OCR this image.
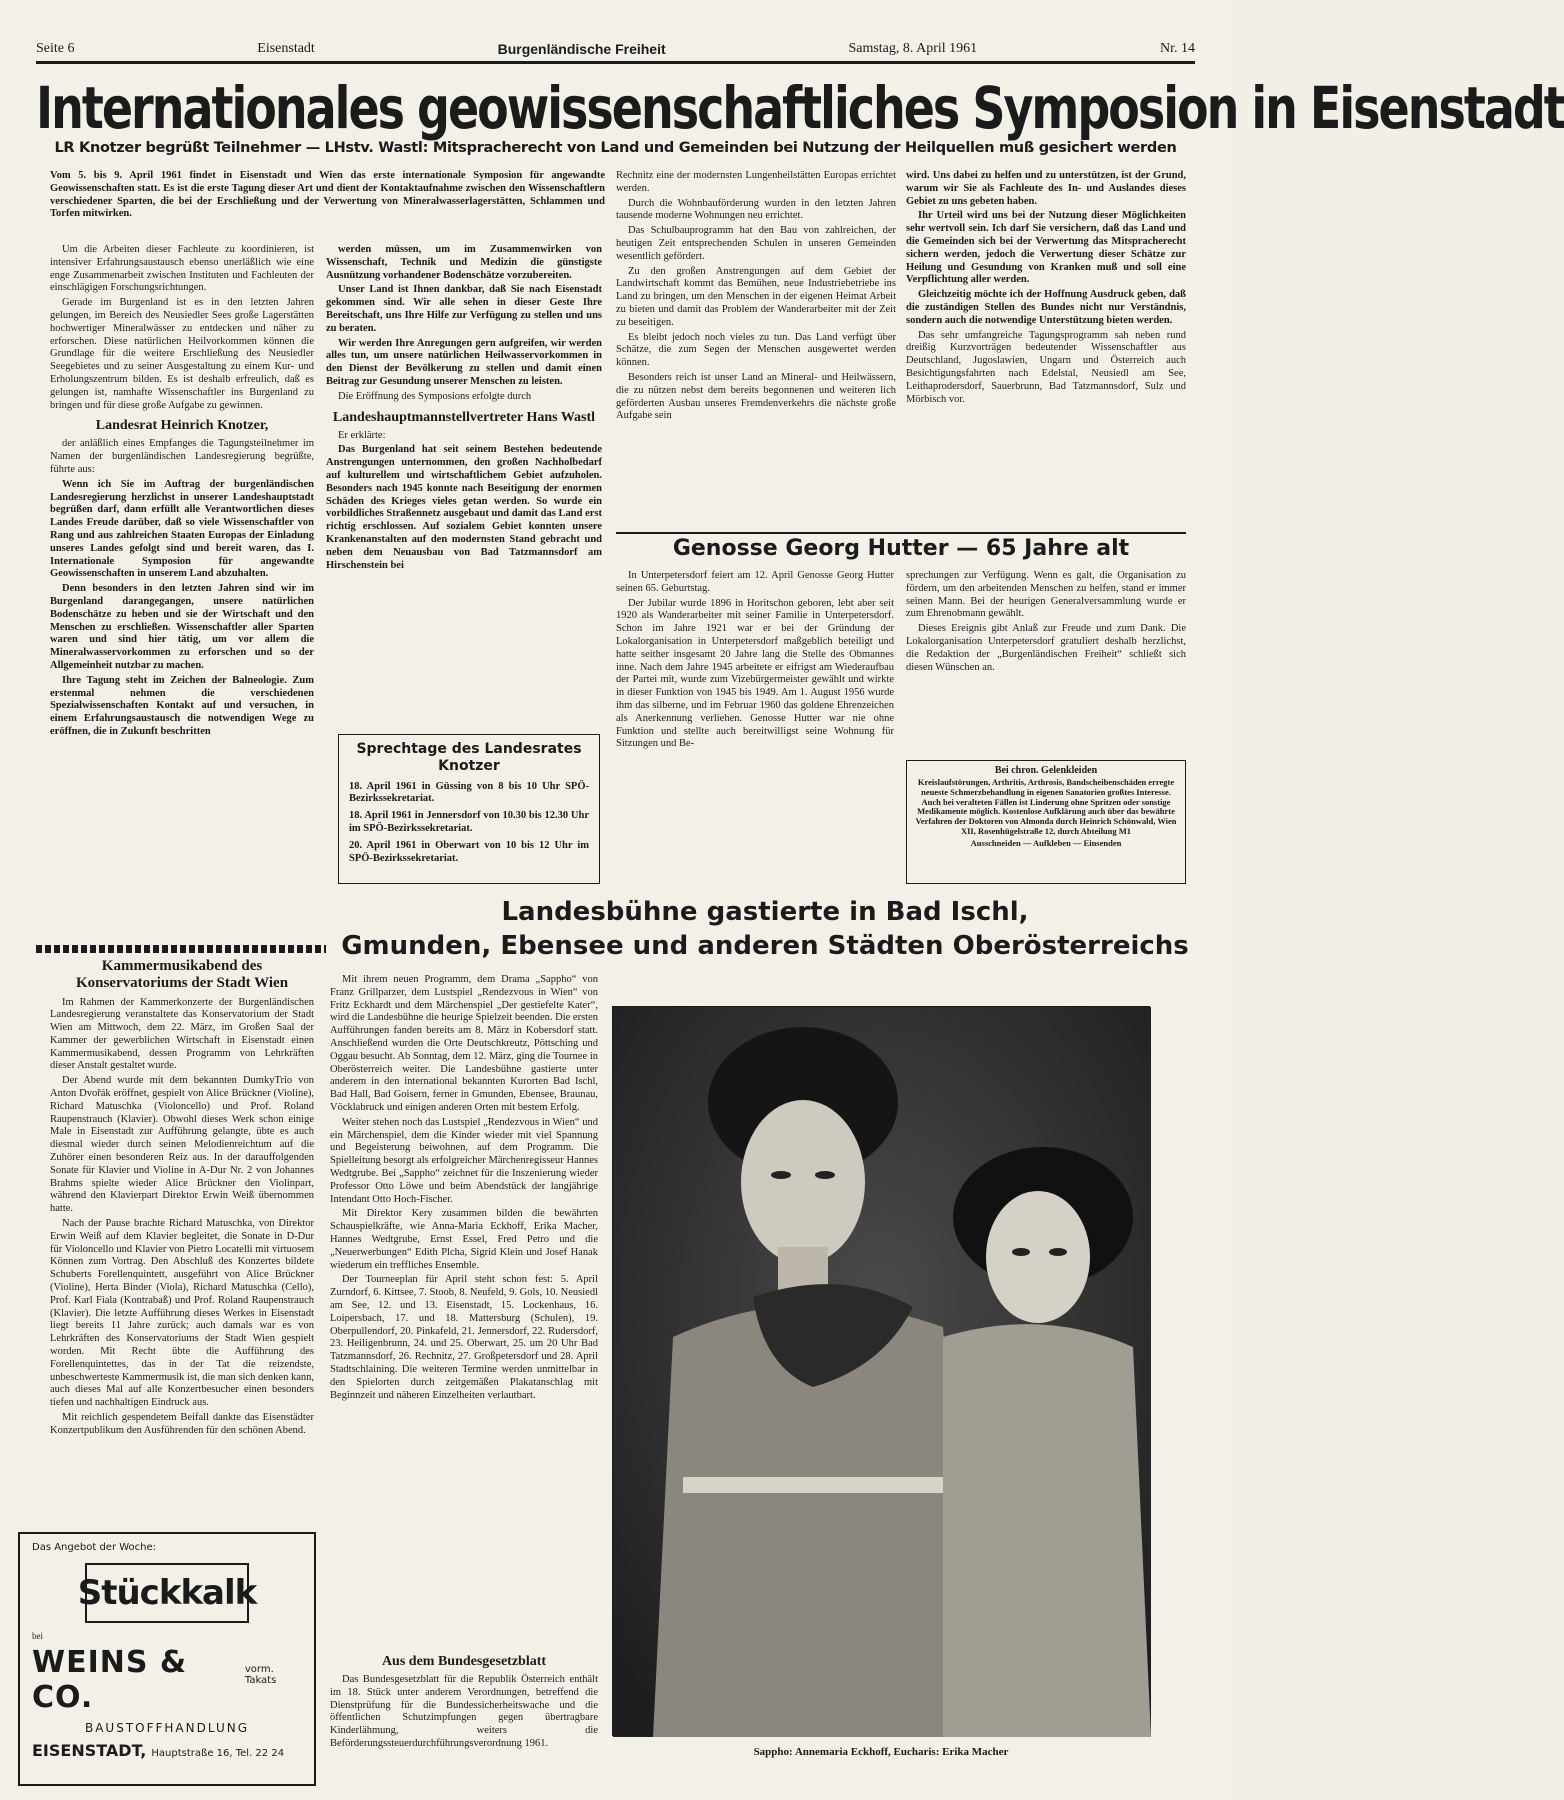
Seite 6	Eisenstadt	Burgenländische Freiheit	Samstag, 8. April 1961	Nr. 14
Internationales geowissenschaftliches Symposion in Eisenstadt
LR Knotzer begrüßt Teilnehmer — LHstv. Wastl: Mitspracherecht von Land und Gemeinden bei Nutzung der Heilquellen muß gesichert werden
Vom 5. bis 9. April 1961 findet in Eisenstadt und Wien das erste internationale Symposion für angewandte Geowissenschaften statt. Es ist die erste Tagung dieser Art und dient der Kontaktaufnahme zwischen den Wissenschaftlern verschiedener Sparten, die bei der Erschließung und der Verwertung von Mineralwasserlagerstätten, Schlammen und Torfen mitwirken.

Um die Arbeiten dieser Fachleute zu koordinieren, ist intensiver Erfahrungsaustausch ebenso unerläßlich wie eine enge Zusammenarbeit zwischen Instituten und Fachleuten der einschlägigen Forschungsrichtungen.

Gerade im Burgenland ist es in den letzten Jahren gelungen, im Bereich des Neusiedler Sees große Lagerstätten hochwertiger Mineralwässer zu entdecken und näher zu erforschen. Diese natürlichen Heilvorkommen können die Grundlage für die weitere Erschließung des Neusiedler Seegebietes und zu seiner Ausgestaltung zu einem Kur- und Erholungszentrum bilden. Es ist deshalb erfreulich, daß es gelungen ist, namhafte Wissenschaftler ins Burgenland zu bringen und für diese große Aufgabe zu gewinnen.

Landesrat Heinrich Knotzer,

der anläßlich eines Empfanges die Tagungsteilnehmer im Namen der burgenländischen Landesregierung begrüßte, führte aus:

Wenn ich Sie im Auftrag der burgenländischen Landesregierung herzlichst in unserer Landeshauptstadt begrüßen darf, dann erfüllt alle Verantwortlichen dieses Landes Freude darüber, daß so viele Wissenschaftler von Rang und aus zahlreichen Staaten Europas der Einladung unseres Landes gefolgt sind und bereit waren, das I. Internationale Symposion für angewandte Geowissenschaften in unserem Land abzuhalten.

Denn besonders in den letzten Jahren sind wir im Burgenland darangegangen, unsere natürlichen Bodenschätze zu heben und sie der Wirtschaft und den Menschen zu erschließen. Wissenschaftler aller Sparten waren und sind hier tätig, um vor allem die Mineralwasservorkommen zu erforschen und so der Allgemeinheit nutzbar zu machen.

Ihre Tagung steht im Zeichen der Balneologie. Zum erstenmal nehmen die verschiedenen Spezialwissenschaften Kontakt auf und versuchen, in einem Erfahrungsaustausch die notwendigen Wege zu eröffnen, die in Zukunft beschritten

werden müssen, um im Zusammenwirken von Wissenschaft, Technik und Medizin die günstigste Ausnützung vorhandener Bodenschätze vorzubereiten.

Unser Land ist Ihnen dankbar, daß Sie nach Eisenstadt gekommen sind. Wir alle sehen in dieser Geste Ihre Bereitschaft, uns Ihre Hilfe zur Verfügung zu stellen und uns zu beraten.

Wir werden Ihre Anregungen gern aufgreifen, wir werden alles tun, um unsere natürlichen Heilwasservorkommen in den Dienst der Bevölkerung zu stellen und damit einen Beitrag zur Gesundung unserer Menschen zu leisten.

Die Eröffnung des Symposions erfolgte durch

Landeshauptmannstellvertreter Hans Wastl

Er erklärte:

Das Burgenland hat seit seinem Bestehen bedeutende Anstrengungen unternommen, den großen Nachholbedarf auf kulturellem und wirtschaftlichem Gebiet aufzuholen. Besonders nach 1945 konnte nach Beseitigung der enormen Schäden des Krieges vieles getan werden. So wurde ein vorbildliches Straßennetz ausgebaut und damit das Land erst richtig erschlossen. Auf sozialem Gebiet konnten unsere Krankenanstalten auf den modernsten Stand gebracht und neben dem Neuausbau von Bad Tatzmannsdorf am Hirschenstein bei

Sprechtage des Landesrates Knotzer

18. April 1961 in Güssing von 8 bis 10 Uhr SPÖ-Bezirkssekretariat.

18. April 1961 in Jennersdorf von 10.30 bis 12.30 Uhr im SPÖ-Bezirkssekretariat.

20. April 1961 in Oberwart von 10 bis 12 Uhr im SPÖ-Bezirkssekretariat.

Rechnitz eine der modernsten Lungenheilstätten Europas errichtet werden.

Durch die Wohnbauförderung wurden in den letzten Jahren tausende moderne Wohnungen neu errichtet.

Das Schulbauprogramm hat den Bau von zahlreichen, der heutigen Zeit entsprechenden Schulen in unseren Gemeinden wesentlich gefördert.

Zu den großen Anstrengungen auf dem Gebiet der Landwirtschaft kommt das Bemühen, neue Industriebetriebe ins Land zu bringen, um den Menschen in der eigenen Heimat Arbeit zu bieten und damit das Problem der Wanderarbeiter mit der Zeit zu beseitigen.

Es bleibt jedoch noch vieles zu tun. Das Land verfügt über Schätze, die zum Segen der Menschen ausgewertet werden können.

Besonders reich ist unser Land an Mineral- und Heilwässern, die zu nützen nebst dem bereits begonnenen und weiteren lich geförderten Ausbau unseres Fremdenverkehrs die nächste große Aufgabe sein

wird. Uns dabei zu helfen und zu unterstützen, ist der Grund, warum wir Sie als Fachleute des In- und Auslandes dieses Gebiet zu uns gebeten haben.

Ihr Urteil wird uns bei der Nutzung dieser Möglichkeiten sehr wertvoll sein. Ich darf Sie versichern, daß das Land und die Gemeinden sich bei der Verwertung das Mitspracherecht sichern werden, jedoch die Verwertung dieser Schätze zur Heilung und Gesundung von Kranken muß und soll eine Verpflichtung aller werden.

Gleichzeitig möchte ich der Hoffnung Ausdruck geben, daß die zuständigen Stellen des Bundes nicht nur Verständnis, sondern auch die notwendige Unterstützung bieten werden.

Das sehr umfangreiche Tagungsprogramm sah neben rund dreißig Kurzvorträgen bedeutender Wissenschaftler aus Deutschland, Jugoslawien, Ungarn und Österreich auch Besichtigungsfahrten nach Edelstal, Neusiedl am See, Leithaprodersdorf, Sauerbrunn, Bad Tatzmannsdorf, Sulz und Mörbisch vor.

Genosse Georg Hutter — 65 Jahre alt

In Unterpetersdorf feiert am 12. April Genosse Georg Hutter seinen 65. Geburtstag.

Der Jubilar wurde 1896 in Horitschon geboren, lebt aber seit 1920 als Wanderarbeiter mit seiner Familie in Unterpetersdorf. Schon im Jahre 1921 war er bei der Gründung der Lokalorganisation in Unterpetersdorf maßgeblich beteiligt und hatte seither insgesamt 20 Jahre lang die Stelle des Obmannes inne. Nach dem Jahre 1945 arbeitete er eifrigst am Wiederaufbau der Partei mit, wurde zum Vizebürgermeister gewählt und wirkte in dieser Funktion von 1945 bis 1949. Am 1. August 1956 wurde ihm das silberne, und im Februar 1960 das goldene Ehrenzeichen als Anerkennung verliehen. Genosse Hutter war nie ohne Funktion und stellte auch bereitwilligst seine Wohnung für Sitzungen und Be-

sprechungen zur Verfügung. Wenn es galt, die Organisation zu fördern, um den arbeitenden Menschen zu helfen, stand er immer seinen Mann. Bei der heurigen Generalversammlung wurde er zum Ehrenobmann gewählt.

Dieses Ereignis gibt Anlaß zur Freude und zum Dank. Die Lokalorganisation Unterpetersdorf gratuliert deshalb herzlichst, die Redaktion der „Burgenländischen Freiheit“ schließt sich diesen Wünschen an.

Bei chron. Gelenkleiden
Kreislaufstörungen, Arthritis, Arthrosis, Bandscheibenschäden erregte neueste Schmerzbehandlung in eigenen Sanatorien großtes Interesse. Auch bei veralteten Fällen ist Linderung ohne Spritzen oder sonstige Medikamente möglich. Kostenlose Aufklärung auch über das bewährte Verfahren der Doktoren von Almonda durch Heinrich Schönwald, Wien XII, Rosenhügelstraße 12, durch Abteilung M1
Ausschneiden — Aufkleben — Einsenden
Kammermusikabend des Konservatoriums der Stadt Wien

Im Rahmen der Kammerkonzerte der Burgenländischen Landesregierung veranstaltete das Konservatorium der Stadt Wien am Mittwoch, dem 22. März, im Großen Saal der Kammer der gewerblichen Wirtschaft in Eisenstadt einen Kammermusikabend, dessen Programm von Lehrkräften dieser Anstalt gestaltet wurde.

Der Abend wurde mit dem bekannten DumkyTrio von Anton Dvořák eröffnet, gespielt von Alice Brückner (Violine), Richard Matuschka (Violoncello) und Prof. Roland Raupenstrauch (Klavier). Obwohl dieses Werk schon einige Male in Eisenstadt zur Aufführung gelangte, übte es auch diesmal wieder durch seinen Melodienreichtum auf die Zuhörer einen besonderen Reiz aus. In der darauffolgenden Sonate für Klavier und Violine in A-Dur Nr. 2 von Johannes Brahms spielte wieder Alice Brückner den Violinpart, während den Klavierpart Direktor Erwin Weiß übernommen hatte.

Nach der Pause brachte Richard Matuschka, von Direktor Erwin Weiß auf dem Klavier begleitet, die Sonate in D-Dur für Violoncello und Klavier von Pietro Locatelli mit virtuosem Können zum Vortrag. Den Abschluß des Konzertes bildete Schuberts Forellenquintett, ausgeführt von Alice Brückner (Violine), Herta Binder (Viola), Richard Matuschka (Cello), Prof. Karl Fiala (Kontrabaß) und Prof. Roland Raupenstrauch (Klavier). Die letzte Aufführung dieses Werkes in Eisenstadt liegt bereits 11 Jahre zurück; auch damals war es von Lehrkräften des Konservatoriums der Stadt Wien gespielt worden. Mit Recht übte die Aufführung des Forellenquintettes, das in der Tat die reizendste, unbeschwerteste Kammermusik ist, die man sich denken kann, auch dieses Mal auf alle Konzertbesucher einen besonders tiefen und nachhaltigen Eindruck aus.

Mit reichlich gespendetem Beifall dankte das Eisenstädter Konzertpublikum den Ausführenden für den schönen Abend.

Das Angebot der Woche:
Stückkalk
bei
WEINS & CO.
vorm. Takats
BAUSTOFFHANDLUNG
EISENSTADT, Hauptstraße 16, Tel. 22 24
Landesbühne gastierte in Bad Ischl,
Gmunden, Ebensee und anderen Städten Oberösterreichs

Mit ihrem neuen Programm, dem Drama „Sappho“ von Franz Grillparzer, dem Lustspiel „Rendezvous in Wien“ von Fritz Eckhardt und dem Märchenspiel „Der gestiefelte Kater“, wird die Landesbühne die heurige Spielzeit beenden. Die ersten Aufführungen fanden bereits am 8. März in Kobersdorf statt. Anschließend wurden die Orte Deutschkreutz, Pöttsching und Oggau besucht. Ab Sonntag, dem 12. März, ging die Tournee in Oberösterreich weiter. Die Landesbühne gastierte unter anderem in den international bekannten Kurorten Bad Ischl, Bad Hall, Bad Goisern, ferner in Gmunden, Ebensee, Braunau, Vöcklabruck und einigen anderen Orten mit bestem Erfolg.

Weiter stehen noch das Lustspiel „Rendezvous in Wien“ und ein Märchenspiel, dem die Kinder wieder mit viel Spannung und Begeisterung beiwohnen, auf dem Programm. Die Spielleitung besorgt als erfolgreicher Märchenregisseur Hannes Wedtgrube. Bei „Sappho“ zeichnet für die Inszenierung wieder Professor Otto Löwe und beim Abendstück der langjährige Intendant Otto Hoch-Fischer.

Mit Direktor Kery zusammen bilden die bewährten Schauspielkräfte, wie Anna-Maria Eckhoff, Erika Macher, Hannes Wedtgrube, Ernst Essel, Fred Petro und die „Neuerwerbungen“ Edith Plcha, Sigrid Klein und Josef Hanak wiederum ein treffliches Ensemble.

Der Tourneeplan für April steht schon fest: 5. April Zurndorf, 6. Kittsee, 7. Stoob, 8. Neufeld, 9. Gols, 10. Neusiedl am See, 12. und 13. Eisenstadt, 15. Lockenhaus, 16. Loipersbach, 17. und 18. Mattersburg (Schulen), 19. Oberpullendorf, 20. Pinkafeld, 21. Jennersdorf, 22. Rudersdorf, 23. Heiligenbrunn, 24. und 25. Oberwart, 25. um 20 Uhr Bad Tatzmannsdorf, 26. Rechnitz, 27. Großpetersdorf und 28. April Stadtschlaining. Die weiteren Termine werden unmittelbar in den Spielorten durch zeitgemäßen Plakatanschlag mit Beginnzeit und näheren Einzelheiten verlautbart.

Aus dem Bundesgesetzblatt

Das Bundesgesetzblatt für die Republik Österreich enthält im 18. Stück unter anderem Verordnungen, betreffend die Dienstprüfung für die Bundessicherheitswache und die öffentlichen Schutzimpfungen gegen übertragbare Kinderlähmung, weiters die Beförderungssteuerdurchführungsverordnung 1961.

Sappho: Annemaria Eckhoff, Eucharis: Erika Macher
